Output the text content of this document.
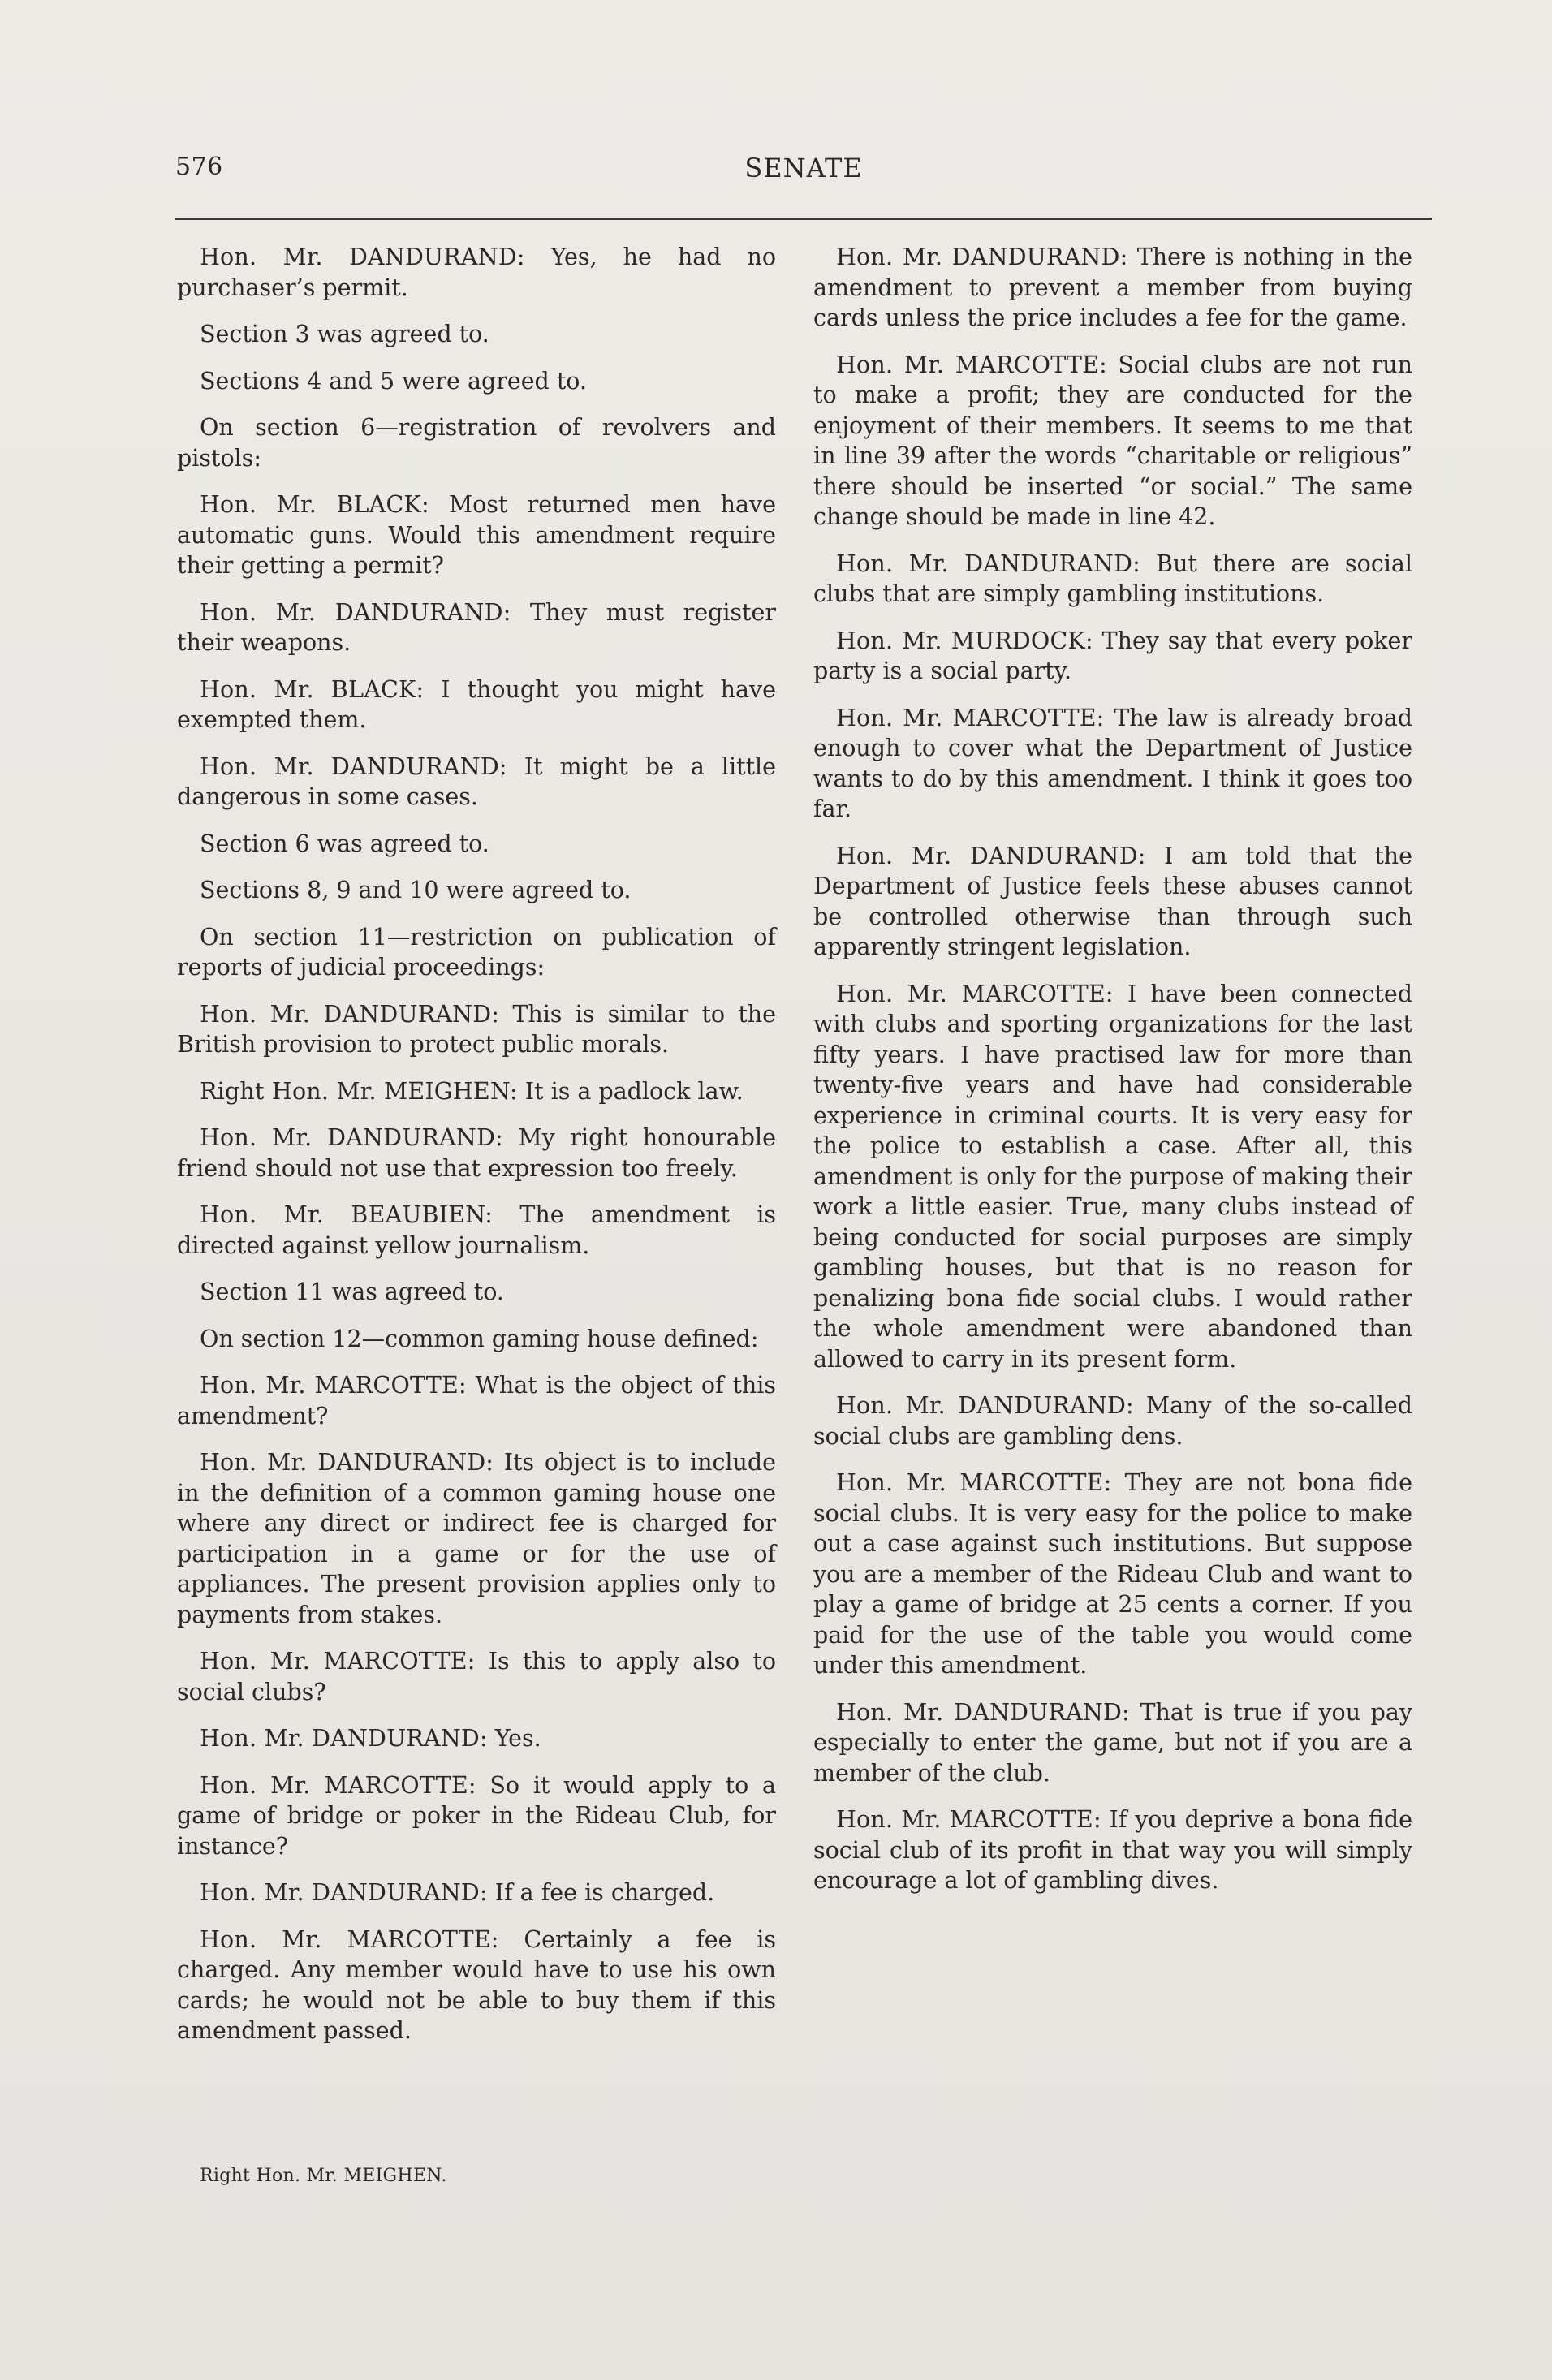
576	SENATE

Hon. Mr. DANDURAND: Yes, he had no purchaser’s permit.

Section 3 was agreed to.

Sections 4 and 5 were agreed to.

On section 6—registration of revolvers and pistols:

Hon. Mr. BLACK: Most returned men have automatic guns. Would this amendment require their getting a permit?

Hon. Mr. DANDURAND: They must register their weapons.

Hon. Mr. BLACK: I thought you might have exempted them.

Hon. Mr. DANDURAND: It might be a little dangerous in some cases.

Section 6 was agreed to.

Sections 8, 9 and 10 were agreed to.

On section 11—restriction on publication of reports of judicial proceedings:

Hon. Mr. DANDURAND: This is similar to the British provision to protect public morals.

Right Hon. Mr. MEIGHEN: It is a padlock law.

Hon. Mr. DANDURAND: My right honourable friend should not use that expression too freely.

Hon. Mr. BEAUBIEN: The amendment is directed against yellow journalism.

Section 11 was agreed to.

On section 12—common gaming house defined:

Hon. Mr. MARCOTTE: What is the object of this amendment?

Hon. Mr. DANDURAND: Its object is to include in the definition of a common gaming house one where any direct or indirect fee is charged for participation in a game or for the use of appliances. The present provision applies only to payments from stakes.

Hon. Mr. MARCOTTE: Is this to apply also to social clubs?

Hon. Mr. DANDURAND: Yes.

Hon. Mr. MARCOTTE: So it would apply to a game of bridge or poker in the Rideau Club, for instance?

Hon. Mr. DANDURAND: If a fee is charged.

Hon. Mr. MARCOTTE: Certainly a fee is charged. Any member would have to use his own cards; he would not be able to buy them if this amendment passed.

Hon. Mr. DANDURAND: There is nothing in the amendment to prevent a member from buying cards unless the price includes a fee for the game.

Hon. Mr. MARCOTTE: Social clubs are not run to make a profit; they are conducted for the enjoyment of their members. It seems to me that in line 39 after the words “charitable or religious” there should be inserted “or social.” The same change should be made in line 42.

Hon. Mr. DANDURAND: But there are social clubs that are simply gambling institutions.

Hon. Mr. MURDOCK: They say that every poker party is a social party.

Hon. Mr. MARCOTTE: The law is already broad enough to cover what the Department of Justice wants to do by this amendment. I think it goes too far.

Hon. Mr. DANDURAND: I am told that the Department of Justice feels these abuses cannot be controlled otherwise than through such apparently stringent legislation.

Hon. Mr. MARCOTTE: I have been connected with clubs and sporting organizations for the last fifty years. I have practised law for more than twenty-five years and have had considerable experience in criminal courts. It is very easy for the police to establish a case. After all, this amendment is only for the purpose of making their work a little easier. True, many clubs instead of being conducted for social purposes are simply gambling houses, but that is no reason for penalizing bona fide social clubs. I would rather the whole amendment were abandoned than allowed to carry in its present form.

Hon. Mr. DANDURAND: Many of the so-called social clubs are gambling dens.

Hon. Mr. MARCOTTE: They are not bona fide social clubs. It is very easy for the police to make out a case against such institutions. But suppose you are a member of the Rideau Club and want to play a game of bridge at 25 cents a corner. If you paid for the use of the table you would come under this amendment.

Hon. Mr. DANDURAND: That is true if you pay especially to enter the game, but not if you are a member of the club.

Hon. Mr. MARCOTTE: If you deprive a bona fide social club of its profit in that way you will simply encourage a lot of gambling dives.

Right Hon. Mr. MEIGHEN.
